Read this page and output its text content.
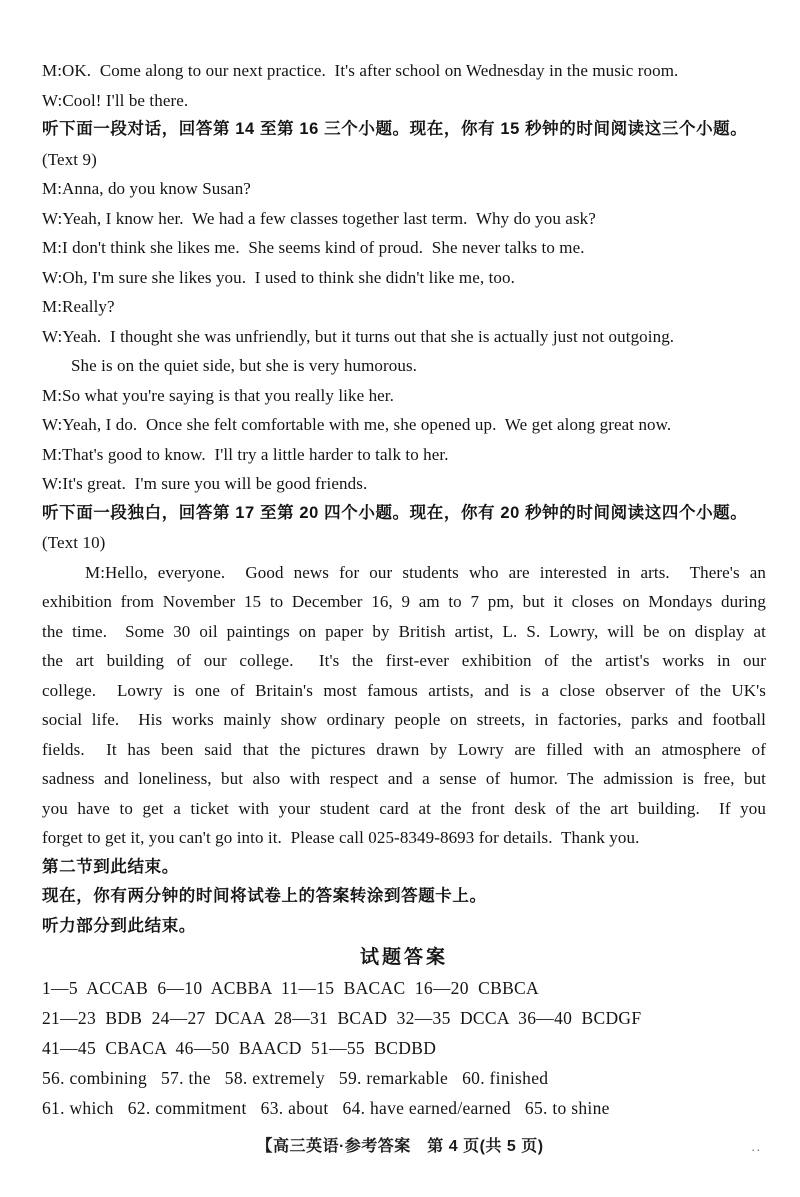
M:OK.  Come along to our next practice.  It's after school on Wednesday in the music room.
W:Cool! I'll be there.
听下面一段对话，回答第 14 至第 16 三个小题。现在，你有 15 秒钟的时间阅读这三个小题。
(Text 9)
M:Anna, do you know Susan?
W:Yeah, I know her.  We had a few classes together last term.  Why do you ask?
M:I don't think she likes me.  She seems kind of proud.  She never talks to me.
W:Oh, I'm sure she likes you.  I used to think she didn't like me, too.
M:Really?
W:Yeah.  I thought she was unfriendly, but it turns out that she is actually just not outgoing.
She is on the quiet side, but she is very humorous.
M:So what you're saying is that you really like her.
W:Yeah, I do.  Once she felt comfortable with me, she opened up.  We get along great now.
M:That's good to know.  I'll try a little harder to talk to her.
W:It's great.  I'm sure you will be good friends.
听下面一段独白，回答第 17 至第 20 四个小题。现在，你有 20 秒钟的时间阅读这四个小题。
(Text 10)
M:Hello, everyone.  Good news for our students who are interested in arts.  There's an
exhibition from November 15 to December 16, 9 am to 7 pm, but it closes on Mondays during
the time.  Some 30 oil paintings on paper by British artist, L. S. Lowry, will be on display at
the art building of our college.  It's the first-ever exhibition of the artist's works in our
college.  Lowry is one of Britain's most famous artists, and is a close observer of the UK's
social life.  His works mainly show ordinary people on streets, in factories, parks and football
fields.  It has been said that the pictures drawn by Lowry are filled with an atmosphere of
sadness and loneliness, but also with respect and a sense of humor. The admission is free, but
you have to get a ticket with your student card at the front desk of the art building.  If you
forget to get it, you can't go into it.  Please call 025-8349-8693 for details.  Thank you.
第二节到此结束。
现在，你有两分钟的时间将试卷上的答案转涂到答题卡上。
听力部分到此结束。
试题答案
1—5  ACCAB  6—10  ACBBA  11—15  BACAC  16—20  CBBCA
21—23  BDB  24—27  DCAA  28—31  BCAD  32—35  DCCA  36—40  BCDGF
41—45  CBACA  46—50  BAACD  51—55  BCDBD
56. combining   57. the   58. extremely   59. remarkable   60. finished
61. which   62. commitment   63. about   64. have earned/earned   65. to shine
【高三英语·参考答案　第 4 页(共 5 页)	..
